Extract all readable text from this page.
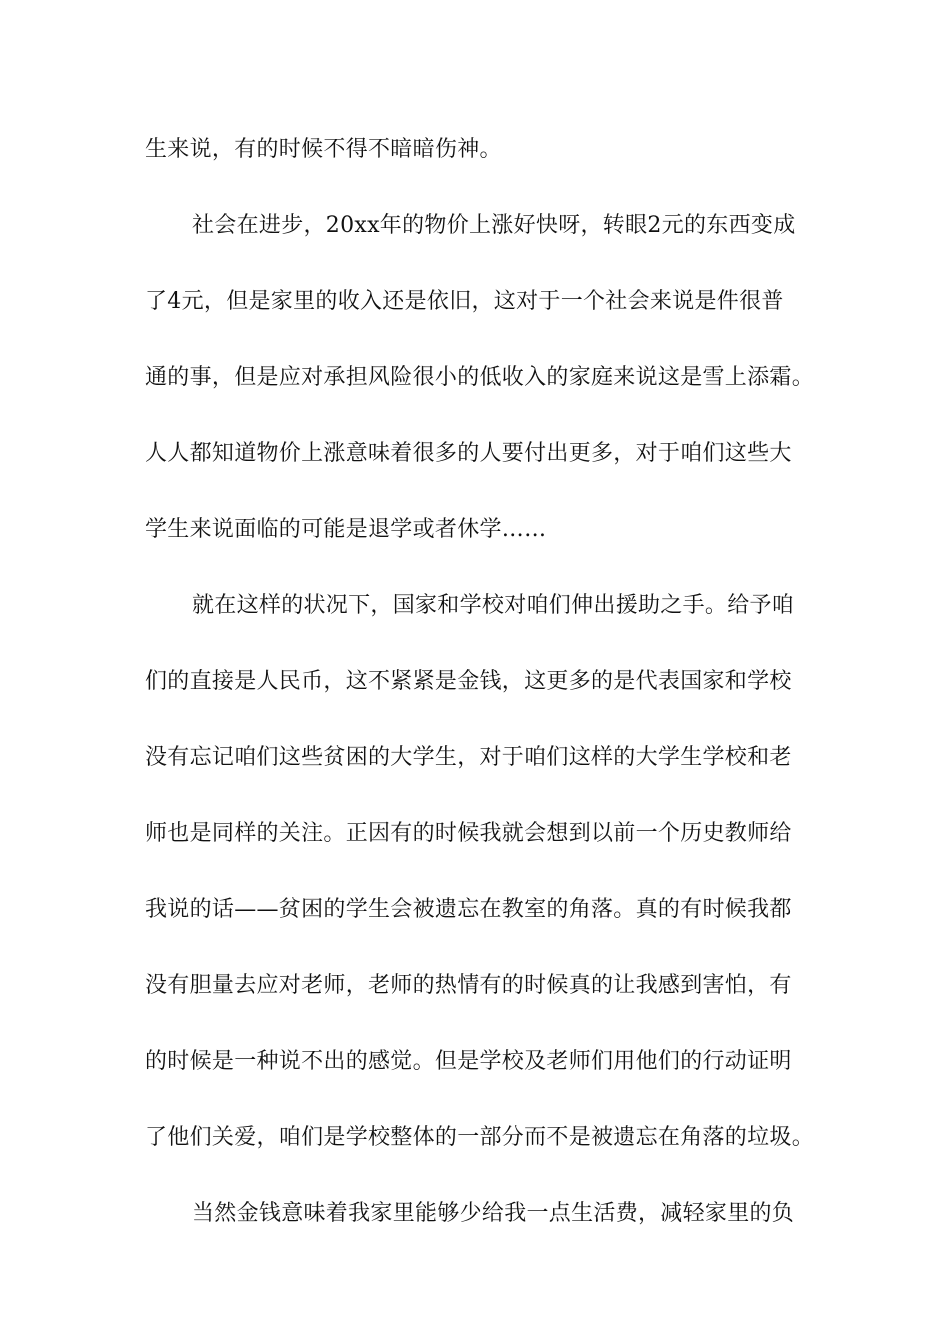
生来说，有的时候不得不暗暗伤神。
社会在进步，20xx年的物价上涨好快呀，转眼2元的东西变成
了4元，但是家里的收入还是依旧，这对于一个社会来说是件很普
通的事，但是应对承担风险很小的低收入的家庭来说这是雪上添霜。
人人都知道物价上涨意味着很多的人要付出更多，对于咱们这些大
学生来说面临的可能是退学或者休学……
就在这样的状况下，国家和学校对咱们伸出援助之手。给予咱
们的直接是人民币，这不紧紧是金钱，这更多的是代表国家和学校
没有忘记咱们这些贫困的大学生，对于咱们这样的大学生学校和老
师也是同样的关注。正因有的时候我就会想到以前一个历史教师给
我说的话——贫困的学生会被遗忘在教室的角落。真的有时候我都
没有胆量去应对老师，老师的热情有的时候真的让我感到害怕，有
的时候是一种说不出的感觉。但是学校及老师们用他们的行动证明
了他们关爱，咱们是学校整体的一部分而不是被遗忘在角落的垃圾。
当然金钱意味着我家里能够少给我一点生活费，减轻家里的负
